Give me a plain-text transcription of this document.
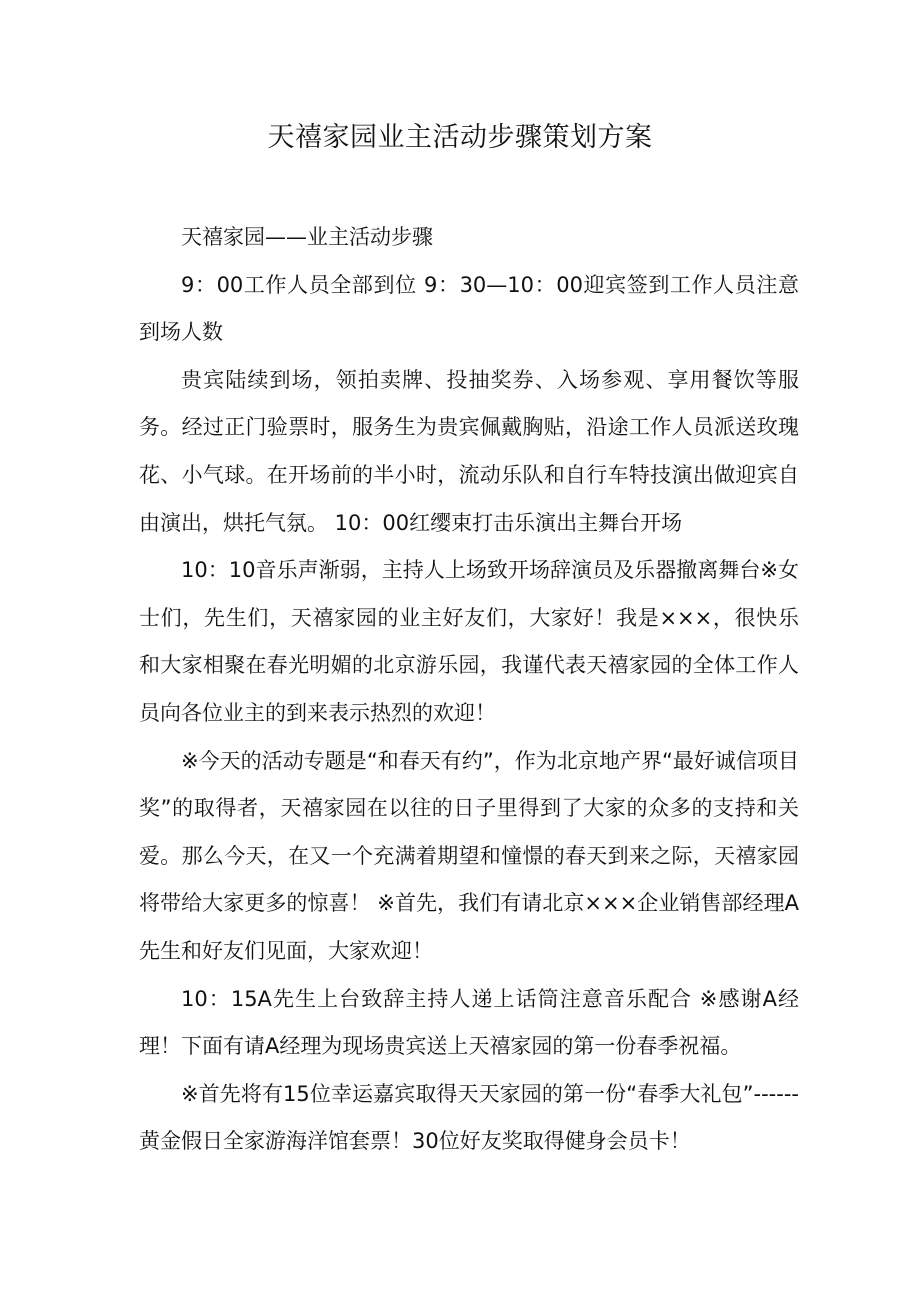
天禧家园业主活动步骤策划方案

天禧家园——业主活动步骤

9：00工作人员全部到位 9：30—10：00迎宾签到工作人员注意到场人数

贵宾陆续到场，领拍卖牌、投抽奖券、入场参观、享用餐饮等服务。经过正门验票时，服务生为贵宾佩戴胸贴，沿途工作人员派送玫瑰花、小气球。在开场前的半小时，流动乐队和自行车特技演出做迎宾自由演出，烘托气氛。 10：00红缨束打击乐演出主舞台开场

10：10音乐声渐弱，主持人上场致开场辞演员及乐器撤离舞台※女士们，先生们，天禧家园的业主好友们，大家好！我是×××，很快乐和大家相聚在春光明媚的北京游乐园，我谨代表天禧家园的全体工作人员向各位业主的到来表示热烈的欢迎！

※今天的活动专题是“和春天有约”，作为北京地产界“最好诚信项目奖”的取得者，天禧家园在以往的日子里得到了大家的众多的支持和关爱。那么今天，在又一个充满着期望和憧憬的春天到来之际，天禧家园将带给大家更多的惊喜！ ※首先，我们有请北京×××企业销售部经理A先生和好友们见面，大家欢迎！

10：15A先生上台致辞主持人递上话筒注意音乐配合 ※感谢A经理！下面有请A经理为现场贵宾送上天禧家园的第一份春季祝福。

※首先将有15位幸运嘉宾取得天天家园的第一份“春季大礼包”------黄金假日全家游海洋馆套票！30位好友奖取得健身会员卡！
